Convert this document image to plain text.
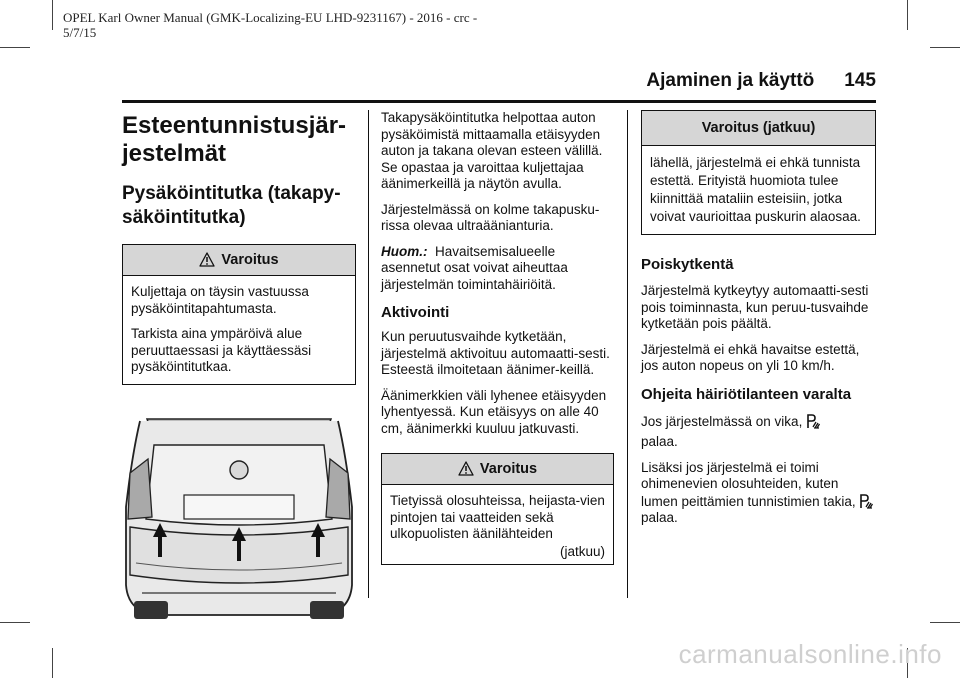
OPEL Karl Owner Manual (GMK-Localizing-EU LHD-9231167) - 2016 - crc -
5/7/15
Ajaminen ja käyttö 145
Esteentunnistusjär-
jestelmät
Pysäköintitutka (takapy-
säköintitutka)
Varoitus

Kuljettaja on täysin vastuussa pysäköintitapahtumasta.

Tarkista aina ympäröivä alue peruuttaessasi ja käyttäessäsi pysäköintitutkaa.

Takapysäköintitutka helpottaa auton pysäköimistä mittaamalla etäisyyden auton ja takana olevan esteen välillä. Se opastaa ja varoittaa kuljettajaa äänimerkeillä ja näytön avulla.

Järjestelmässä on kolme takapusku-rissa olevaa ultraäänianturia.

Huom.: Havaitsemisalueelle asennetut osat voivat aiheuttaa järjestelmän toimintahäiriöitä.

Aktivointi

Kun peruutusvaihde kytketään, järjestelmä aktivoituu automaatti-sesti. Esteestä ilmoitetaan äänimer-keillä.

Äänimerkkien väli lyhenee etäisyyden lyhentyessä. Kun etäisyys on alle 40 cm, äänimerkki kuuluu jatkuvasti.

Varoitus

Tietyissä olosuhteissa, heijasta-vien pintojen tai vaatteiden sekä ulkopuolisten äänilähteiden

(jatkuu)

Varoitus (jatkuu)

lähellä, järjestelmä ei ehkä tunnista estettä. Erityistä huomiota tulee kiinnittää mataliin esteisiin, jotka voivat vaurioittaa puskurin alaosaa.

Poiskytkentä

Järjestelmä kytkeytyy automaatti-sesti pois toiminnasta, kun peruu-tusvaihde kytketään pois päältä.

Järjestelmä ei ehkä havaitse estettä, jos auton nopeus on yli 10 km/h.

Ohjeita häiriötilanteen varalta

Jos järjestelmässä on vika,

palaa.

Lisäksi jos järjestelmä ei toimi ohimenevien olosuhteiden, kuten lumen peittämien tunnistimien takia,  palaa.

carmanualsonline.info
